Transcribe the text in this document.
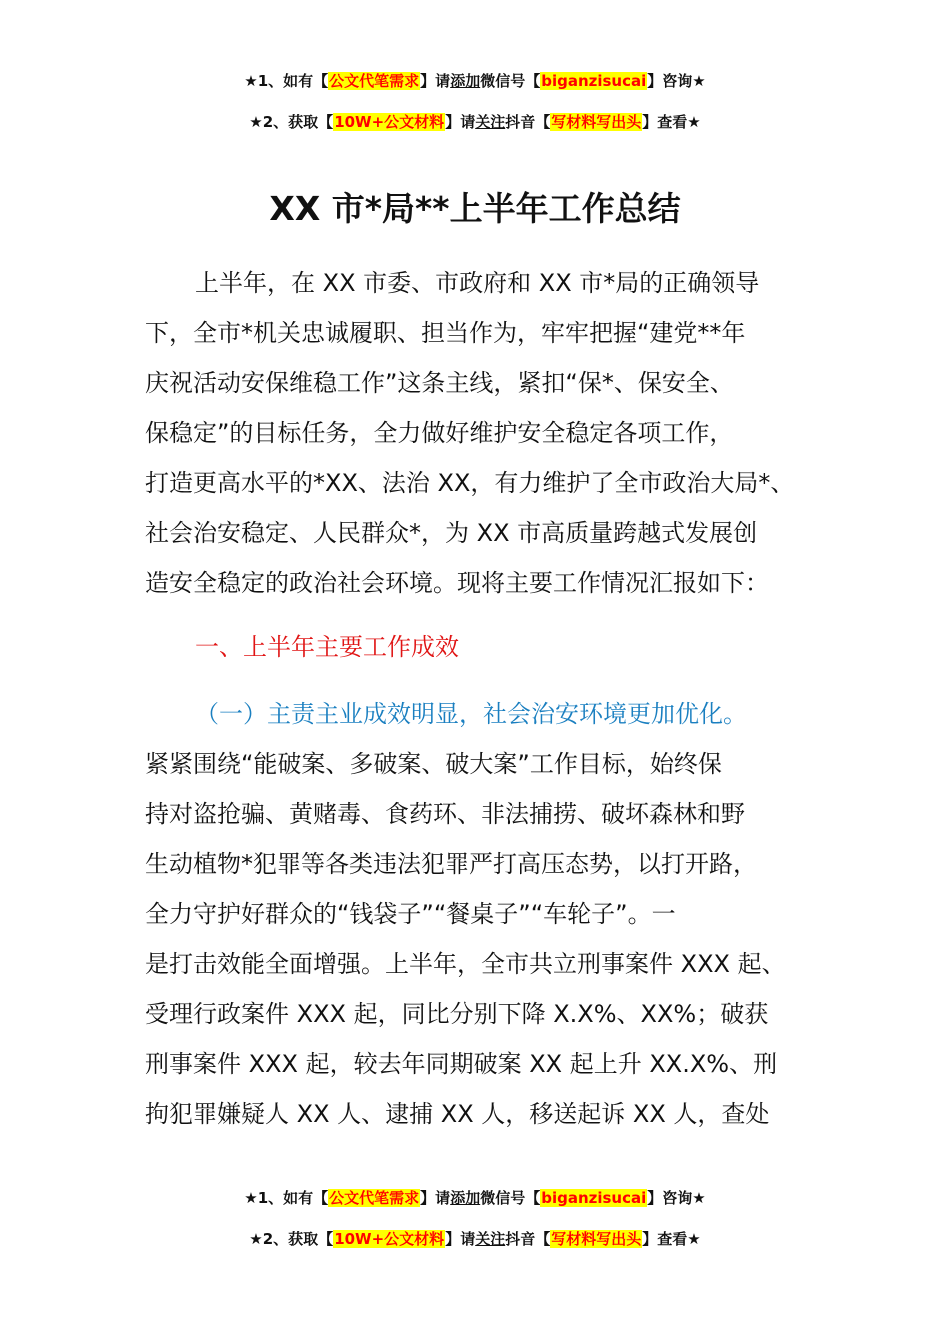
★1、如有【公文代笔需求】请添加微信号【biganzisucai】咨询★
★2、获取【10W+公文材料】请关注抖音【写材料写出头】查看★
XX 市*局**上半年工作总结

上半年，在 XX 市委、市政府和 XX 市*局的正确领导

下，全市*机关忠诚履职、担当作为，牢牢把握“建党**年

庆祝活动安保维稳工作”这条主线，紧扣“保*、保安全、

保稳定”的目标任务，全力做好维护安全稳定各项工作，

打造更高水平的*XX、法治 XX，有力维护了全市政治大局*、

社会治安稳定、人民群众*，为 XX 市高质量跨越式发展创

造安全稳定的政治社会环境。现将主要工作情况汇报如下：

一、上半年主要工作成效

（一）主责主业成效明显，社会治安环境更加优化。

紧紧围绕“能破案、多破案、破大案”工作目标，始终保

持对盗抢骗、黄赌毒、食药环、非法捕捞、破坏森林和野

生动植物*犯罪等各类违法犯罪严打高压态势，以打开路，

全力守护好群众的“钱袋子”“餐桌子”“车轮子”。一

是打击效能全面增强。上半年，全市共立刑事案件 XXX 起、

受理行政案件 XXX 起，同比分别下降 X.X%、XX%；破获

刑事案件 XXX 起，较去年同期破案 XX 起上升 XX.X%、刑

拘犯罪嫌疑人 XX 人、逮捕 XX 人，移送起诉 XX 人，查处

★1、如有【公文代笔需求】请添加微信号【biganzisucai】咨询★
★2、获取【10W+公文材料】请关注抖音【写材料写出头】查看★
